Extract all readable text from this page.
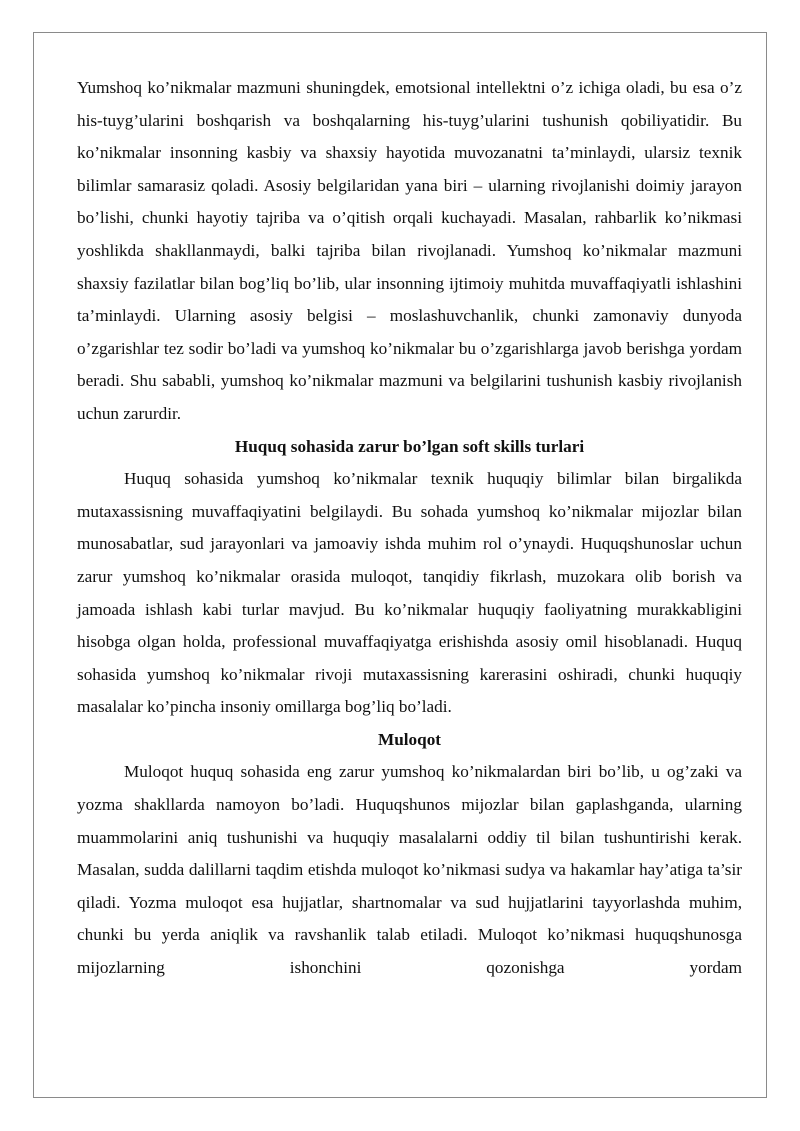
Yumshoq ko’nikmalar mazmuni shuningdek, emotsional intellektni o’z ichiga oladi, bu esa o’z his-tuyg’ularini boshqarish va boshqalarning his-tuyg’ularini tushunish qobiliyatidir. Bu ko’nikmalar insonning kasbiy va shaxsiy hayotida muvozanatni ta’minlaydi, ularsiz texnik bilimlar samarasiz qoladi. Asosiy belgilaridan yana biri – ularning rivojlanishi doimiy jarayon bo’lishi, chunki hayotiy tajriba va o’qitish orqali kuchayadi. Masalan, rahbarlik ko’nikmasi yoshlikda shakllanmaydi, balki tajriba bilan rivojlanadi. Yumshoq ko’nikmalar mazmuni shaxsiy fazilatlar bilan bog’liq bo’lib, ular insonning ijtimoiy muhitda muvaffaqiyatli ishlashini ta’minlaydi. Ularning asosiy belgisi – moslashuvchanlik, chunki zamonaviy dunyoda o’zgarishlar tez sodir bo’ladi va yumshoq ko’nikmalar bu o’zgarishlarga javob berishga yordam beradi. Shu sababli, yumshoq ko’nikmalar mazmuni va belgilarini tushunish kasbiy rivojlanish uchun zarurdir.

Huquq sohasida zarur bo’lgan soft skills turlari

Huquq sohasida yumshoq ko’nikmalar texnik huquqiy bilimlar bilan birgalikda mutaxassisning muvaffaqiyatini belgilaydi. Bu sohada yumshoq ko’nikmalar mijozlar bilan munosabatlar, sud jarayonlari va jamoaviy ishda muhim rol o’ynaydi. Huquqshunoslar uchun zarur yumshoq ko’nikmalar orasida muloqot, tanqidiy fikrlash, muzokara olib borish va jamoada ishlash kabi turlar mavjud. Bu ko’nikmalar huquqiy faoliyatning murakkabligini hisobga olgan holda, professional muvaffaqiyatga erishishda asosiy omil hisoblanadi. Huquq sohasida yumshoq ko’nikmalar rivoji mutaxassisning karerasini oshiradi, chunki huquqiy masalalar ko’pincha insoniy omillarga bog’liq bo’ladi.

Muloqot

Muloqot huquq sohasida eng zarur yumshoq ko’nikmalardan biri bo’lib, u og’zaki va yozma shakllarda namoyon bo’ladi. Huquqshunos mijozlar bilan gaplashganda, ularning muammolarini aniq tushunishi va huquqiy masalalarni oddiy til bilan tushuntirishi kerak. Masalan, sudda dalillarni taqdim etishda muloqot ko’nikmasi sudya va hakamlar hay’atiga ta’sir qiladi. Yozma muloqot esa hujjatlar, shartnomalar va sud hujjatlarini tayyorlashda muhim, chunki bu yerda aniqlik va ravshanlik talab etiladi. Muloqot ko’nikmasi huquqshunosga mijozlarning ishonchini qozonishga yordam
